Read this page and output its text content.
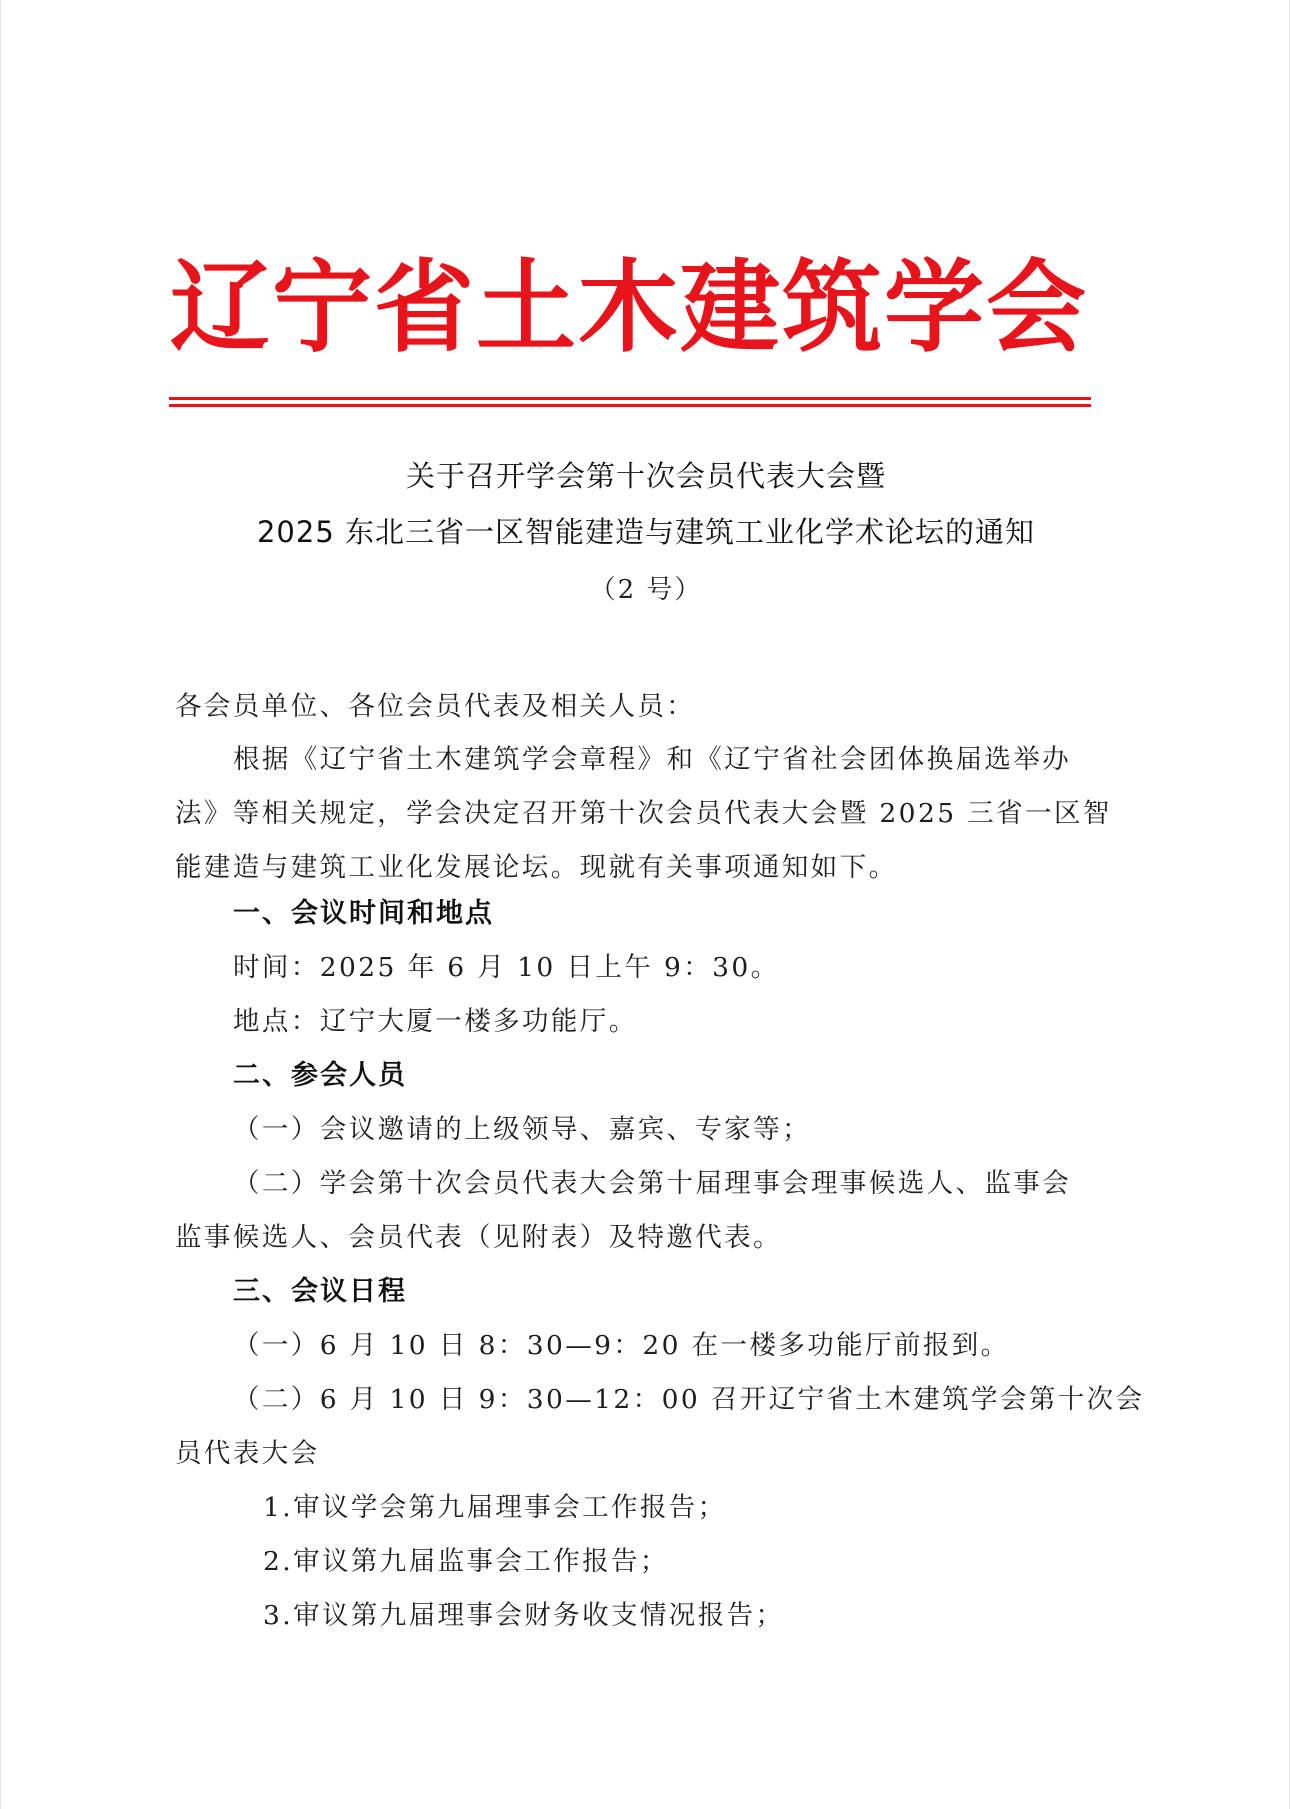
辽宁省土木建筑学会
关于召开学会第十次会员代表大会暨
2025 东北三省一区智能建造与建筑工业化学术论坛的通知
（2 号）
各会员单位、各位会员代表及相关人员：
根据《辽宁省土木建筑学会章程》和《辽宁省社会团体换届选举办
法》等相关规定，学会决定召开第十次会员代表大会暨 2025 三省一区智
能建造与建筑工业化发展论坛。现就有关事项通知如下。
一、会议时间和地点
时间：2025 年 6 月 10 日上午 9：30。
地点：辽宁大厦一楼多功能厅。
二、参会人员
（一）会议邀请的上级领导、嘉宾、专家等；
（二）学会第十次会员代表大会第十届理事会理事候选人、监事会
监事候选人、会员代表（见附表）及特邀代表。
三、会议日程
（一）6 月 10 日 8：30—9：20 在一楼多功能厅前报到。
（二）6 月 10 日 9：30—12：00 召开辽宁省土木建筑学会第十次会
员代表大会
1.审议学会第九届理事会工作报告；
2.审议第九届监事会工作报告；
3.审议第九届理事会财务收支情况报告；
